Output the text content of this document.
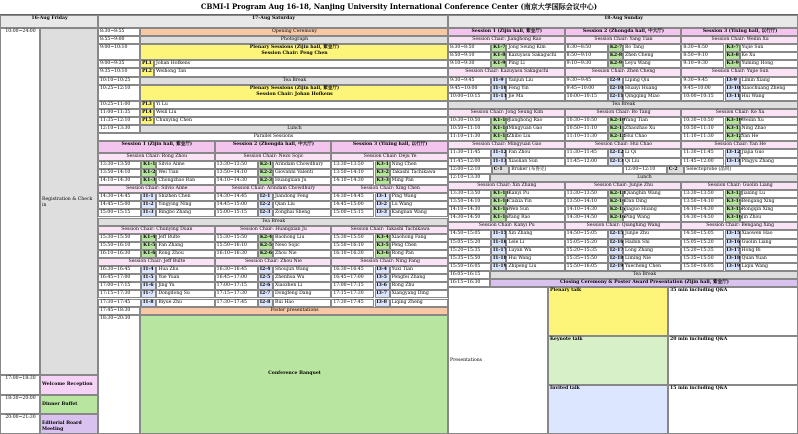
CBMI-I Program Aug 16-18, Nanjing University International Conference Center (南京大学国际会议中心)
16-Aug Friday
10:00~24:00
Registration & Check in
17:00~18:30
Welcome Reception
18:30~20:00
Dinner Buffet
20:00~21:30
Editorial Board Meeting
17-Aug Saturday
8:30~8:55	Opening Ceremony
8:55~9:00	Photograph
9:00~10:10	Plenary Sessions (Zijin hall, 紫金厅)
Session Chair: Peng Chen
9:00~9:35	PL1 Johan Hofkens
9:35~10:10	PL2 Weihong Tan
10:10~10:25	Tea Break
10:25~12:10	Plenary Sessions (Zijin hall, 紫金厅)
Session Chair: Johan Hofkens
10:25~11:00	PL3 Yi Lu
11:00~11:35	PL4 Weili Liu
11:35~12:10	PL5 Chunying Chen
12:10~13:30	Lunch
Parallel Sessions
Session 1 (Zijin hall, 紫金厅)	Session 2 (Zhongda hall, 中大厅)	Session 3 (Yixing hall, 以行厅)
Session Chair: Rong Zhou	Session Chair: Nezo Sojic	Session Chair: Deju Ye
13:30~13:50	K1-1 Silvio Aime	13:30~13:50	K2-1 Arindam Chowdhury	13:30~13:50	K3-1 Ning Chen
13:50~14:10	K1-2 Wei Tian	13:50~14:10	K2-2 Giovanni Valenti	13:50~14:10	K3-2 Takashi Tachikawa
14:10~14:30	K1-3 Chongzhao Ran	14:10~14:30	K2-3 Huangxian Ju	14:10~14:30	K3-3 Ming Pan
Session Chair: Silvio Aime	Session Chair: Arindam Chowdhury	Session Chair: Xing Chen
14:30~14:45	I1-1	Shizhen Chen	14:30~14:45	I2-1	Jiandong Feng	14:30~14:45	I3-1	Ping Wang
14:45~15:00	I1-2	Yingying Ning	14:45~15:00	I2-2	Qian Liu	14:45~15:00	I3-2	Lu Wang
15:00~15:15	I1-3	Bingbo Zhang	15:00~15:15	I2-3	Zonghai Sheng	15:00~15:15	I3-3	Kangnan Wang
Tea Break
Session Chair: Chunying Duan	Session Chair: Huangxian Ju	Session Chair: Takashi Tachikawa
15:30~15:50	K1-4 Jeff Bulte	15:30~15:50	K2-4 Baohong Liu	15:30~15:50	K3-4 Xiaohong Fang
15:50~16:10	K1-5 Fan Zhang	15:50~16:10	K2-5 Neso Sojic	15:50~16:10	K3-5 Peng Chen
16:10~16:30	K1-6 Rong Zhou	16:10~16:30	K2-6 Zhou Nie	16:10~16:30	K3-6 Rong Pan
Session Chair: Jeff Bulte	Session Chair: Zhou Nie	Session Chair: Ning Fang
16:30~16:45	I1-4	Hua Zhu	16:30~16:45	I2-4	Shoujun Wang	16:30~16:45	I3-4	Yuxi Tian
16:45~17:00	I1-5	Yue Yuan	16:45~17:00	I2-5	Zhenhua Wu	16:45~17:00	I3-5	Pengfei Zhang
17:00~17:15	I1-6	Jing Yu	17:00~17:15	I2-6	Xiaozhen Li	17:00~17:15	I3-6	Rong Zhu
17:15~17:30	I1-7	Dongdong Su	17:15~17:30	I2-7	Dongfeng Dang	17:15~17:30	I3-7	Xiangyang Ding
17:30~17:45	I1-8	Biyue Zhu	17:30~17:45	I2-8	Rui Hao	17:30~17:45	I3-8	Liqing Zheng
17:45~18:30	Poster presentations
18:30~20:30
Conference Banquet
18-Aug Sunday
Session 1 (Zijin hall, 紫金厅)	Session 2 (Zhongda hall, 中大厅)	Session 3 (Yixing hall, 以行厅)
Session Chair: Jianghong Rao	Session Chair: Yang Tian	Session Chair: Weilin Xu
8:30~8:50	K1-7 Jong Seung Kim	8:30~8:50	K2-7 Bo Tang	8:30~8:50	K3-7 Yujie Sun
8:50~9:10	K1-8 Kazuyasu Sakaguchi	8:50~9:10	K2-8 Zhen Cheng	8:50~9:10	K3-8 Ke Xu
9:10~9:30	K1-9 Ping Li	9:10~9:30	K2-9 Leyu Wang	9:10~9:30	K3-9 Yuming Hong
Session Chair: Kazuyasu Sakaguchi	Session Chair: Zhen Cheng	Session Chair: Yujie Sun
9:30~9:45	I1-9	Yanjun Liu	9:30~9:45	I2-9	Liping Qiu	9:30~9:45	I3-9	Limin Xiang
9:45~10:00	I1-10 Feng Yin	9:45~10:00	I2-10 Huaiyi Huang	9:45~10:00	I3-10 Xiaochuang Zheng
10:00~10:15	I1-11 Jie Ma	10:00~10:15	I2-11 Qingqing Miao	10:00~10:15	I3-11 Hui Wang
Tea Break
Session Chair: Jong Seung Kim	Session Chair: Bo Tang	Session Chair: Ke Xu
10:30~10:50	K1-10 Jianghong Rao	10:30~10:50	K2-10 Yang Tian	10:30~10:50	K3-10 Weilin Xu
10:50~11:10	K1-11 Mingyuan Gao	10:50~11:10	K2-11 Zhaozhao Xu	10:50~11:10	K3-11 Ning Zhao
11:10~11:30	K1-12 Zhibo Liu	11:10~11:30	K2-12 Hui Chao	11:10~11:30	K3-12 Yan He
Session Chair: Mingyuan Gao	Session Chair: Hui Chao	Session Chair: Yan He
11:30~11:45	I1-12 Fan Zhou	11:30~11:45	I2-12 Li Qi	11:30~11:45	I3-12 Jiajia Guo
11:45~12:00	I1-13 Xiaolian Sun	11:45~12:00	I2-13 Qi Liu	11:45~12:00	I3-13 Pingyu Zhang
12:00~12:10	C-1	Bruker (布鲁克)	12:00~12:10	C-2	Selectoprobe (晶锐)
12:10~13:30	Lunch
Session Chair: Xin Zhang	Session Chair: Junjie Zhu	Session Chair: Guolin Liang
13:30~13:50	K1-13 Kanyi Pu	13:30~13:50	K2-13 Qianghin Wang	13:30~13:50	K3-13 Jiaxing Lu
13:50~14:10	K1-14 Caixia Yin	13:50~14:10	K2-14 Dan Ding	13:50~14:10	K3-14 Bengang Xing
14:10~14:30	K1-15 Wen Sun	14:10~14:30	K2-15 Jiaguo Huang	14:10~14:30	K3-15 Rongqin Xing
14:30~14:50	K1-16 Yang Rao	14:30~14:50	K2-16 Ping Wang	14:30~14:50	K3-16 Jin Zhou
Session Chair: Kanyi Pu	Session Chair: Qianghing Wang	Session Chair: Bengang Xing
14:50~15:05	I1-15 Xin Zhang	14:50~15:05	I2-15 Junjie Zhu	14:50~15:05	I3-15 Xiaowen Hao
15:05~15:20	I1-16 Lele Li	15:05~15:20	I2-16 Haibin Shi	15:05~15:20	I3-16 Guolin Liang
15:20~15:35	I1-17 Luyan Wu	15:20~15:35	I2-17 Long Zhang	15:20~15:35	I3-17 Hong Bi
15:35~15:50	I1-18 Hui Wang	15:35~15:50	I2-18 Liming Nie	15:35~15:50	I3-18 Quan Yuan
15:50~16:05	I1-19 Zhipeng Liu	15:50~16:05	I2-19 Yuecheng Chen	15:50~16:05	I3-19 Liqiu Wang
16:05~16:15	Tea Break
16:15~16:30	Closing Ceremony & Poster Award Presentation (Zijin hall, 紫金厅)
Presentations
Plenary talk	35 min including Q&A
Keynote talk	20 min including Q&A
Invited talk	15 min including Q&A
